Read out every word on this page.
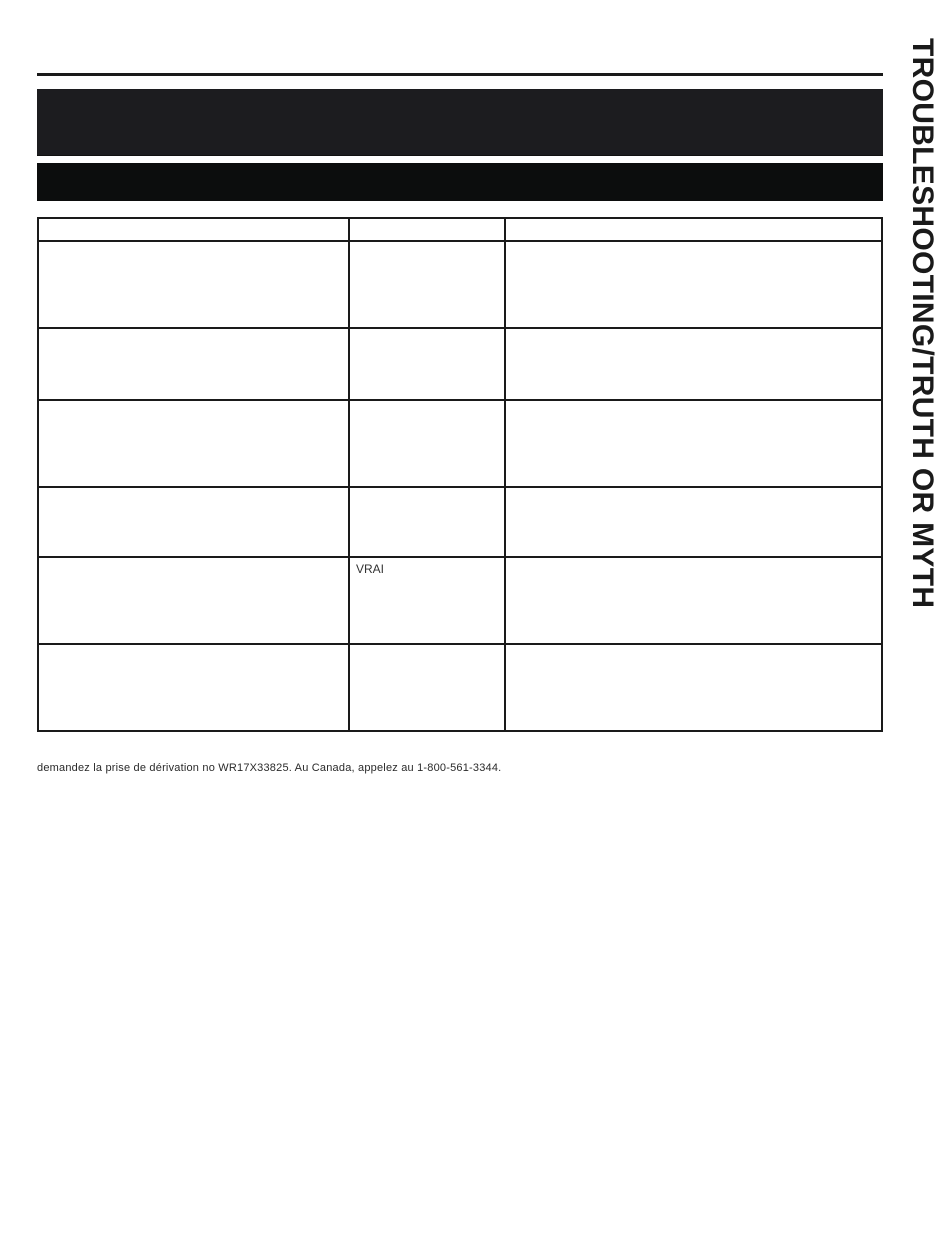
	VRAI	

demandez la prise de dérivation no WR17X33825. Au Canada, appelez au 1-800-561-3344.
TROUBLESHOOTING/TRUTH OR MYTH
